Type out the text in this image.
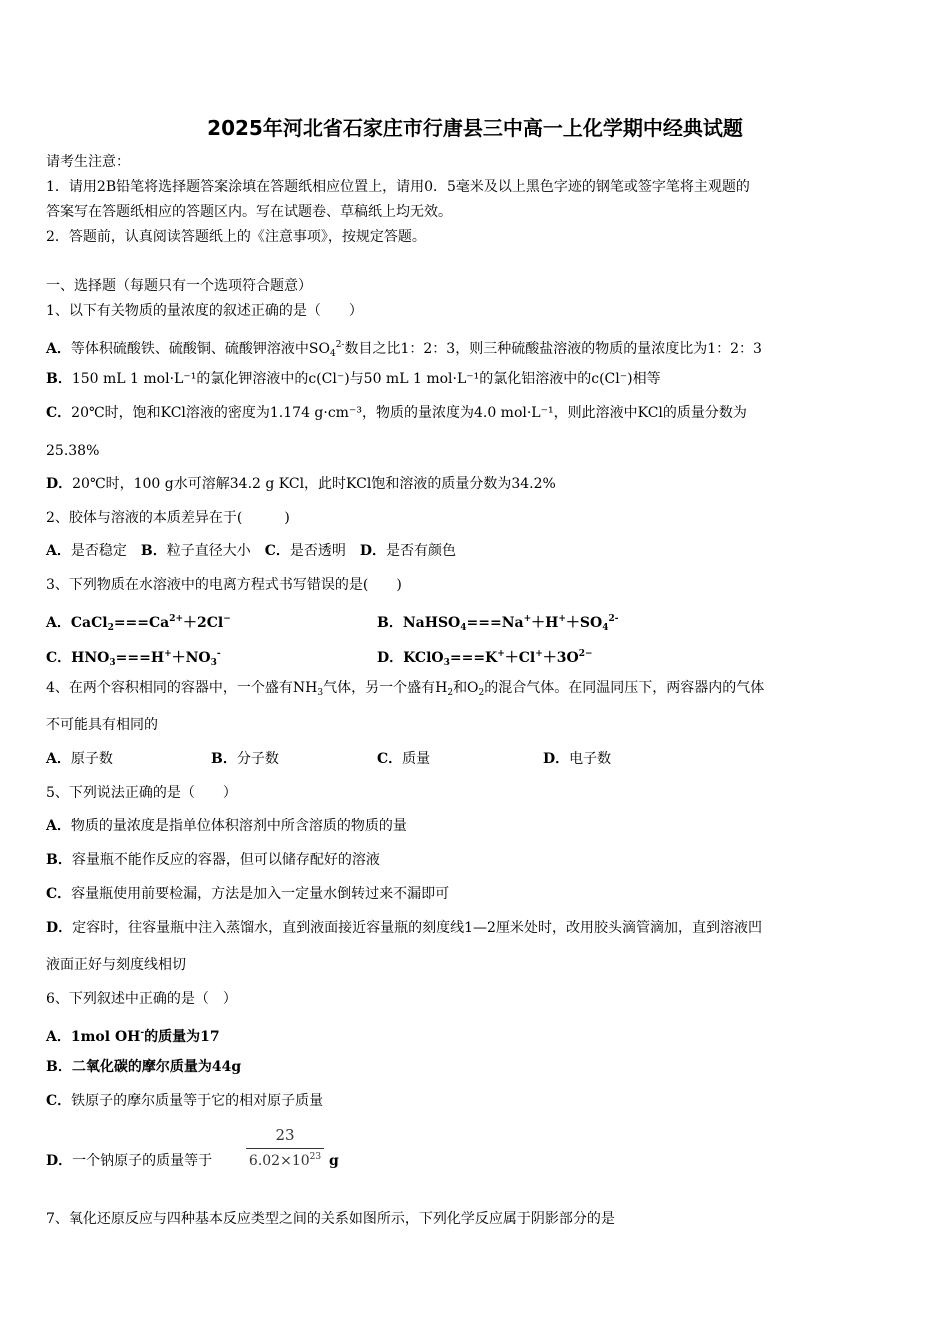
2025年河北省石家庄市行唐县三中高一上化学期中经典试题
请考生注意：
1．请用2B铅笔将选择题答案涂填在答题纸相应位置上，请用0．5毫米及以上黑色字迹的钢笔或签字笔将主观题的
答案写在答题纸相应的答题区内。写在试题卷、草稿纸上均无效。
2．答题前，认真阅读答题纸上的《注意事项》，按规定答题。
一、选择题（每题只有一个选项符合题意）
1、以下有关物质的量浓度的叙述正确的是（　　）
A．等体积硫酸铁、硫酸铜、硫酸钾溶液中$SO_4^{2-}$数目之比1：2：3，则三种硫酸盐溶液的物质的量浓度比为1：2：3
B．150 mL 1 mol·L⁻¹的氯化钾溶液中的c(Cl⁻)与50 mL 1 mol·L⁻¹的氯化铝溶液中的c(Cl⁻)相等
C．20℃时，饱和KCl溶液的密度为1.174 g·cm⁻³，物质的量浓度为4.0 mol·L⁻¹，则此溶液中KCl的质量分数为
25.38%
D．20℃时，100 g水可溶解34.2 g KCl，此时KCl饱和溶液的质量分数为34.2%
2、胶体与溶液的本质差异在于(　　　)
A．是否稳定  B．粒子直径大小  C．是否透明  D．是否有颜色
3、下列物质在水溶液中的电离方程式书写错误的是(　　)
A．$CaCl_2===Ca^{2+}+2Cl^-$	B．$NaHSO_4===Na^++H^++SO_4^{2-}$
C．$HNO_3===H^++NO_3^-$	D．$KClO_3===K^++Cl^++3O^{2-}$
4、在两个容积相同的容器中，一个盛有$NH_3$气体，另一个盛有$H_2$和$O_2$的混合气体。在同温同压下，两容器内的气体
不可能具有相同的
A．原子数	B．分子数	C．质量	D．电子数
5、下列说法正确的是（　　）
A．物质的量浓度是指单位体积溶剂中所含溶质的物质的量
B．容量瓶不能作反应的容器，但可以储存配好的溶液
C．容量瓶使用前要检漏，方法是加入一定量水倒转过来不漏即可
D．定容时，往容量瓶中注入蒸馏水，直到液面接近容量瓶的刻度线1—2厘米处时，改用胶头滴管滴加，直到溶液凹
液面正好与刻度线相切
6、下列叙述中正确的是（　）
A．1mol OH-的质量为17
B．二氧化碳的摩尔质量为44g
C．铁原子的摩尔质量等于它的相对原子质量
D．一个钠原子的质量等于
23
$6.02\times 10^{23}$ g
7、氧化还原反应与四种基本反应类型之间的关系如图所示，下列化学反应属于阴影部分的是
